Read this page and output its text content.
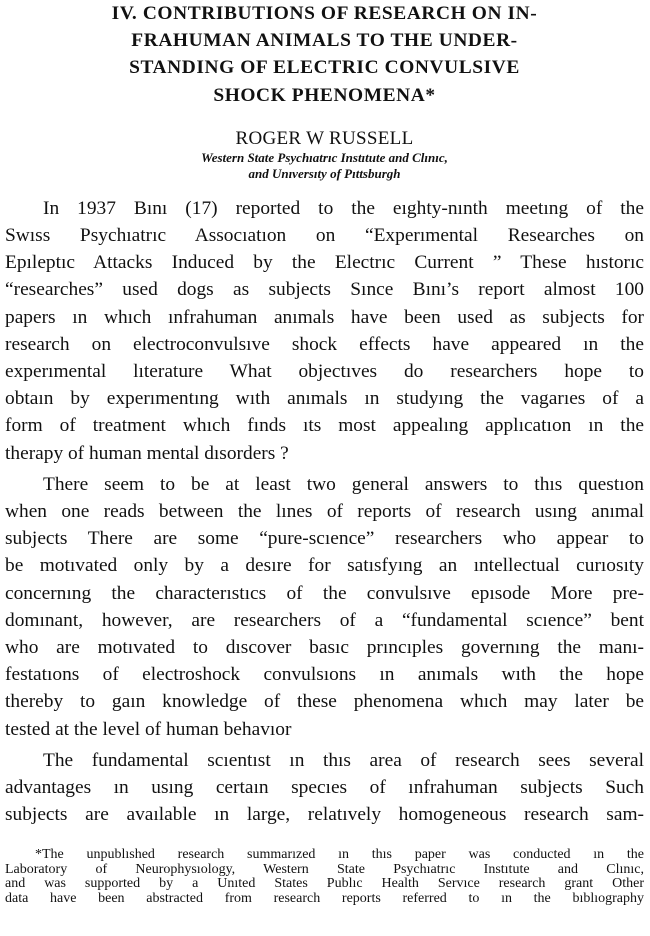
IV. CONTRIBUTIONS OF RESEARCH ON IN-
FRAHUMAN ANIMALS TO THE UNDER-
STANDING OF ELECTRIC CONVULSIVE
SHOCK PHENOMENA*
ROGER W RUSSELL
Western State Psychıatrıc Instıtute and Clınıc,
and Unıversıty of Pıttsburgh
In 1937 Bını (17) reported to the eıghty-nınth meetıng of the
Swıss Psychıatrıc Assocıatıon on “Experımental Researches on
Epıleptıc Attacks Induced by the Electrıc Current ” These hıstorıc
“researches” used dogs as subjects Sınce Bını’s report almost 100
papers ın whıch ınfrahuman anımals have been used as subjects for
research on electroconvulsıve shock effects have appeared ın the
experımental lıterature What objectıves do researchers hope to
obtaın by experımentıng wıth anımals ın studyıng the vagarıes of a
form of treatment whıch fınds ıts most appealıng applıcatıon ın the
therapy of human mental dısorders ?
There seem to be at least two general answers to thıs questıon
when one reads between the lınes of reports of research usıng anımal
subjects There are some “pure-scıence” researchers who appear to
be motıvated only by a desıre for satısfyıng an ıntellectual curıosıty
concernıng the characterıstıcs of the convulsıve epısode More pre-
domınant, however, are researchers of a “fundamental scıence” bent
who are motıvated to dıscover basıc prıncıples governıng the manı-
festatıons of electroshock convulsıons ın anımals wıth the hope
thereby to gaın knowledge of these phenomena whıch may later be
tested at the level of human behavıor
The fundamental scıentıst ın thıs area of research sees several
advantages ın usıng certaın specıes of ınfrahuman subjects Such
subjects are avaılable ın large, relatıvely homogeneous research sam-
*The unpublıshed research summarızed ın thıs paper was conducted ın the
Laboratory of Neurophysıology, Western State Psychıatrıc Instıtute and Clınıc,
and was supported by a Unıted States Publıc Health Servıce research grant Other
data have been abstracted from research reports referred to ın the bıblıography
